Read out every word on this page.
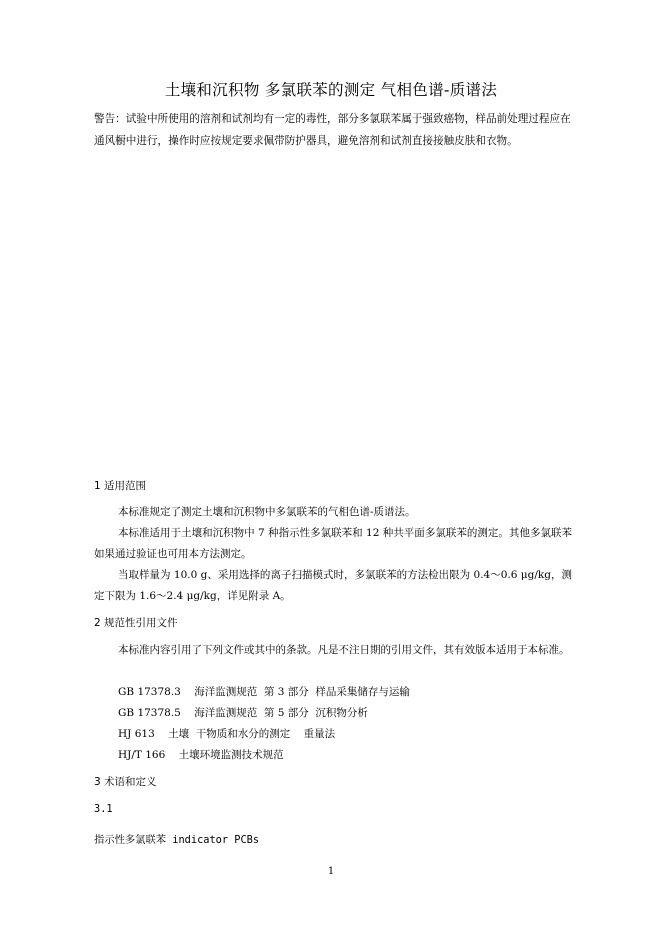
土壤和沉积物 多氯联苯的测定 气相色谱-质谱法
警告：试验中所使用的溶剂和试剂均有一定的毒性，部分多氯联苯属于强致癌物，样品前处理过程应在通风橱中进行，操作时应按规定要求佩带防护器具，避免溶剂和试剂直接接触皮肤和衣物。
1 适用范围
本标准规定了测定土壤和沉积物中多氯联苯的气相色谱-质谱法。
本标准适用于土壤和沉积物中 7 种指示性多氯联苯和 12 种共平面多氯联苯的测定。其他多氯联苯如果通过验证也可用本方法测定。
当取样量为 10.0 g、采用选择的离子扫描模式时，多氯联苯的方法检出限为 0.4～0.6 μg/kg，测定下限为 1.6～2.4 μg/kg，详见附录 A。
2 规范性引用文件
本标准内容引用了下列文件或其中的条款。凡是不注日期的引用文件，其有效版本适用于本标准。
GB 17378.3    海洋监测规范  第 3 部分  样品采集储存与运输
GB 17378.5    海洋监测规范  第 5 部分  沉积物分析
HJ 613    土壤  干物质和水分的测定    重量法
HJ/T 166    土壤环境监测技术规范
3 术语和定义
3.1
指示性多氯联苯 indicator PCBs
1
